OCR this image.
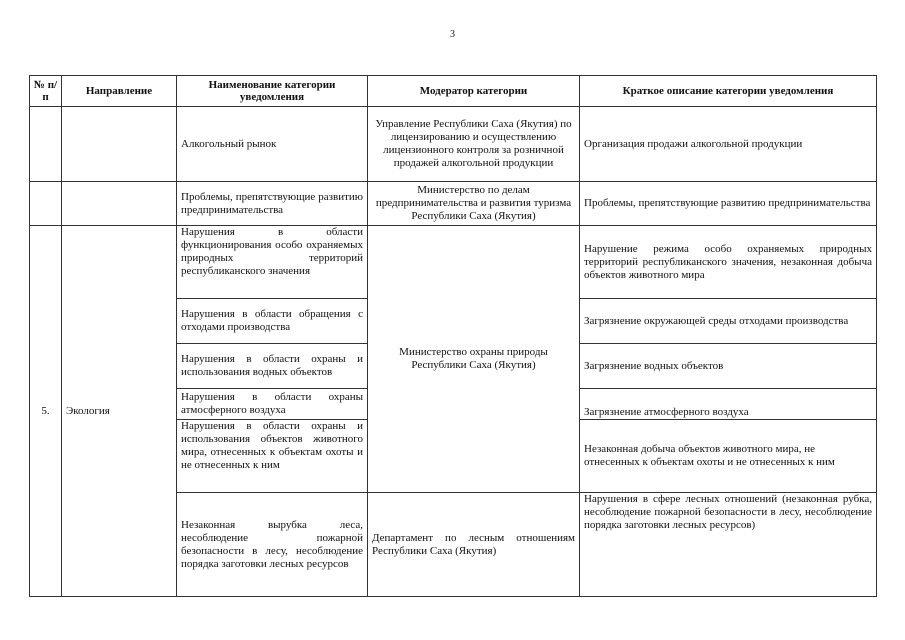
3
№ п/п	Направление	Наименование категории уведомления	Модератор категории	Краткое описание категории уведомления
		Алкогольный рынок	Управление Республики Саха (Якутия) по лицензированию и осуществлению лицензионного контроля за розничной продажей алкогольной продукции	Организация продажи алкогольной продукции
		Проблемы, препятствующие развитию предпринимательства	Министерство по делам предпринимательства и развития туризма Республики Саха (Якутия)	Проблемы, препятствующие развитию предпринимательства
5.	Экология	Нарушения в области функционирования особо охраняемых природных территорий республиканского значения	Министерство охраны природы Республики Саха (Якутия)	Нарушение режима особо охраняемых природных территорий республиканского значения, незаконная добыча объектов животного мира
		Нарушения в области обращения с отходами производства		Загрязнение окружающей среды отходами производства
		Нарушения в области охраны и использования водных объектов		Загрязнение водных объектов
		Нарушения в области охраны атмосферного воздуха		Загрязнение атмосферного воздуха
		Нарушения в области охраны и использования объектов животного мира, отнесенных к объектам охоты и не отнесенных к ним		Незаконная добыча объектов животного мира, не отнесенных к объектам охоты и не отнесенных к ним
		Незаконная вырубка леса, несоблюдение пожарной безопасности в лесу, несоблюдение порядка заготовки лесных ресурсов	Департамент по лесным отношениям Республики Саха (Якутия)	Нарушения в сфере лесных отношений (незаконная рубка, несоблюдение пожарной безопасности в лесу, несоблюдение порядка заготовки лесных ресурсов)
